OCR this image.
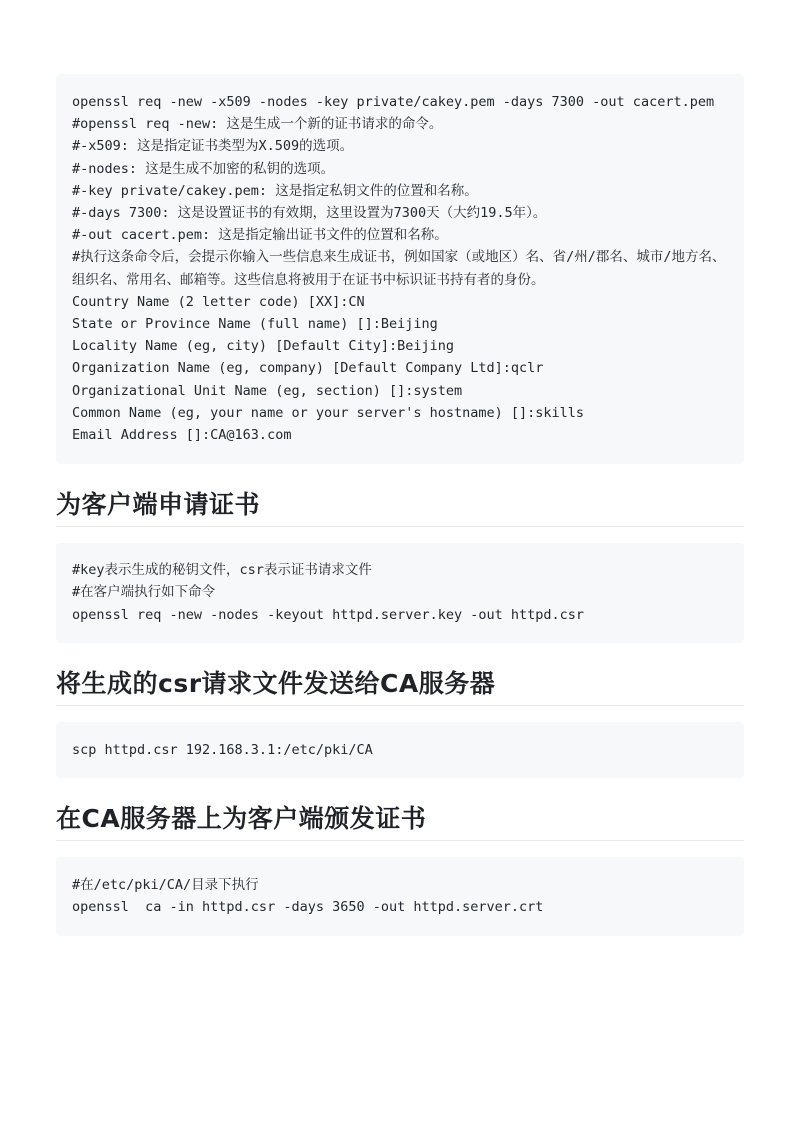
openssl req -new -x509 -nodes -key private/cakey.pem -days 7300 -out cacert.pem

#openssl req -new: 这是生成一个新的证书请求的命令。

#-x509: 这是指定证书类型为X.509的选项。

#-nodes: 这是生成不加密的私钥的选项。

#-key private/cakey.pem: 这是指定私钥文件的位置和名称。

#-days 7300: 这是设置证书的有效期，这里设置为7300天（大约19.5年）。

#-out cacert.pem: 这是指定输出证书文件的位置和名称。

#执行这条命令后，会提示你输入一些信息来生成证书，例如国家（或地区）名、省/州/郡名、城市/地方名、组织名、常用名、邮箱等。这些信息将被用于在证书中标识证书持有者的身份。

Country Name (2 letter code) [XX]:CN

State or Province Name (full name) []:Beijing

Locality Name (eg, city) [Default City]:Beijing

Organization Name (eg, company) [Default Company Ltd]:qclr

Organizational Unit Name (eg, section) []:system

Common Name (eg, your name or your server's hostname) []:skills

Email Address []:CA@163.com

为客户端申请证书

#key表示生成的秘钥文件，csr表示证书请求文件

#在客户端执行如下命令

openssl req -new -nodes -keyout httpd.server.key -out httpd.csr

将生成的csr请求文件发送给CA服务器

scp httpd.csr 192.168.3.1:/etc/pki/CA

在CA服务器上为客户端颁发证书

#在/etc/pki/CA/目录下执行

openssl  ca -in httpd.csr -days 3650 -out httpd.server.crt
